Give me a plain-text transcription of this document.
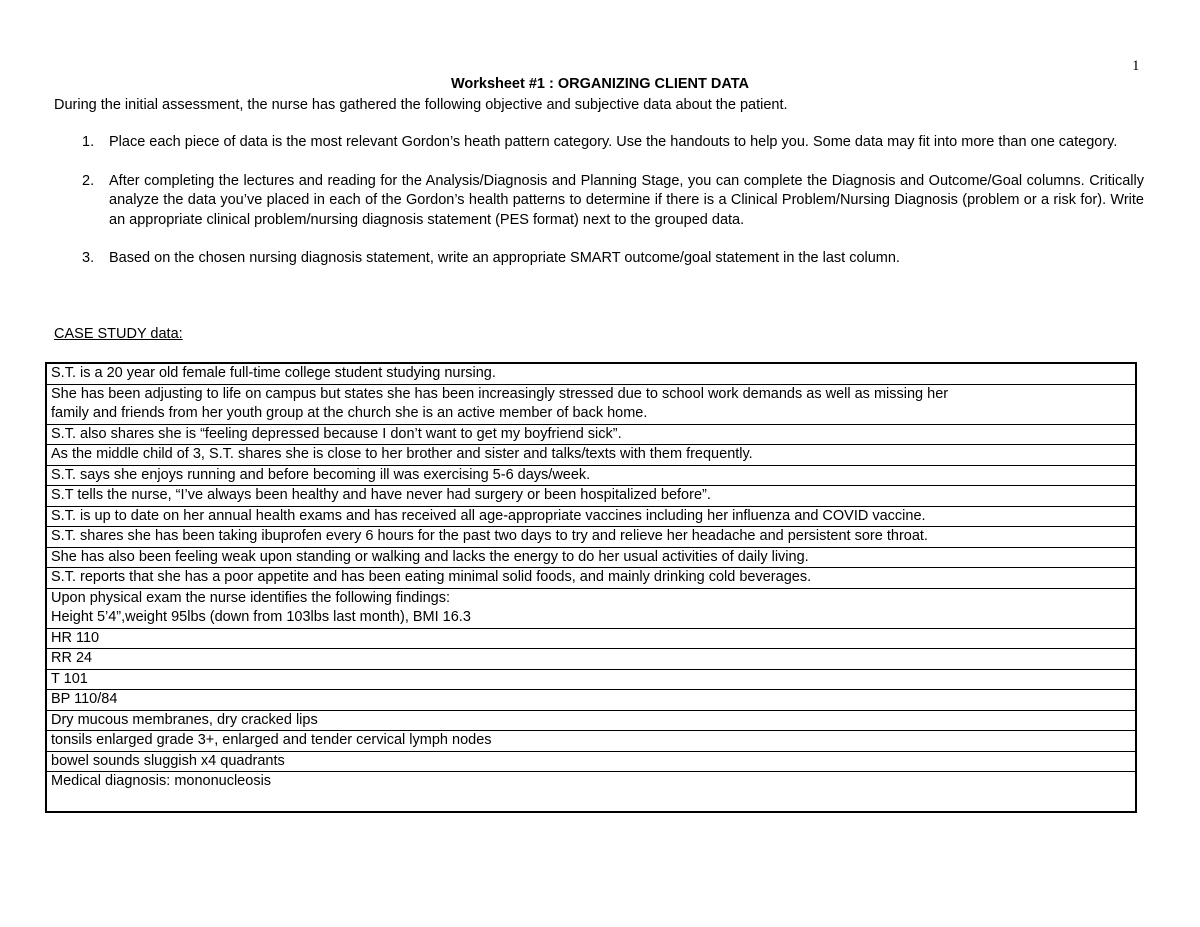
1
Worksheet #1 : ORGANIZING CLIENT DATA
During the initial assessment, the nurse has gathered the following objective and subjective data about the patient.
1. Place each piece of data is the most relevant Gordon’s heath pattern category. Use the handouts to help you. Some data may fit into more than one category.
2. After completing the lectures and reading for the Analysis/Diagnosis and Planning Stage, you can complete the Diagnosis and Outcome/Goal columns. Critically analyze the data you’ve placed in each of the Gordon’s health patterns to determine if there is a Clinical Problem/Nursing Diagnosis (problem or a risk for). Write an appropriate clinical problem/nursing diagnosis statement (PES format) next to the grouped data.
3. Based on the chosen nursing diagnosis statement, write an appropriate SMART outcome/goal statement in the last column.
CASE STUDY data:
S.T. is a 20 year old female full-time college student studying nursing.
She has been adjusting to life on campus but states she has been increasingly stressed due to school work demands as well as missing her
family and friends from her youth group at the church she is an active member of back home.
S.T. also shares she is “feeling depressed because I don’t want to get my boyfriend sick”.
As the middle child of 3, S.T. shares she is close to her brother and sister and talks/texts with them frequently.
S.T. says she enjoys running and before becoming ill was exercising 5-6 days/week.
S.T tells the nurse, “I’ve always been healthy and have never had surgery or been hospitalized before”.
S.T. is up to date on her annual health exams and has received all age-appropriate vaccines including her influenza and COVID vaccine.
S.T. shares she has been taking ibuprofen every 6 hours for the past two days to try and relieve her headache and persistent sore throat.
She has also been feeling weak upon standing or walking and lacks the energy to do her usual activities of daily living.
S.T. reports that she has a poor appetite and has been eating minimal solid foods, and mainly drinking cold beverages.
Upon physical exam the nurse identifies the following findings:
Height 5’4”,weight 95lbs (down from 103lbs last month), BMI 16.3
HR 110
RR 24
T 101
BP 110/84
Dry mucous membranes, dry cracked lips
tonsils enlarged grade 3+, enlarged and tender cervical lymph nodes
bowel sounds sluggish x4 quadrants
Medical diagnosis: mononucleosis
